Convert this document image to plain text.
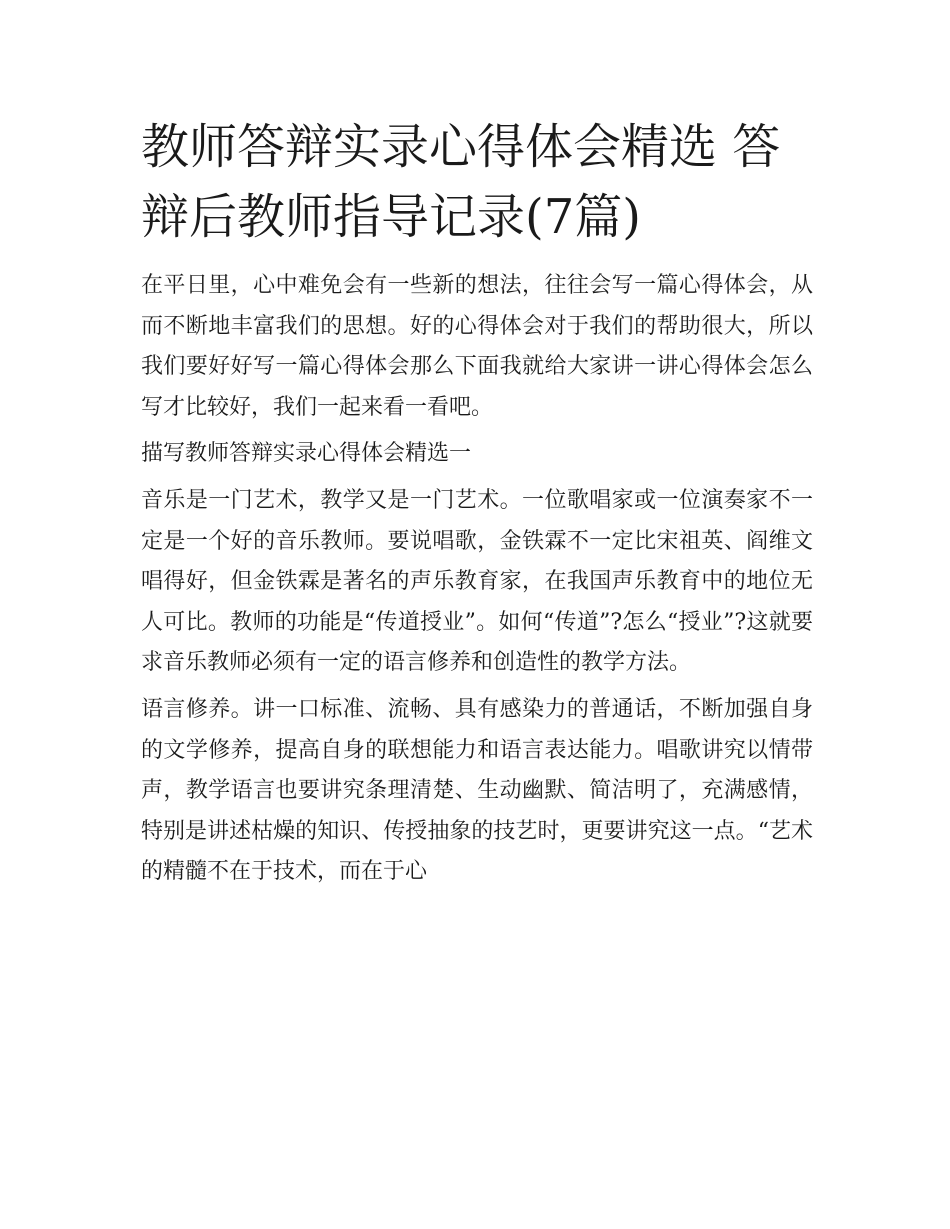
教师答辩实录心得体会精选 答辩后教师指导记录(7篇)

在平日里，心中难免会有一些新的想法，往往会写一篇心得体会，从而不断地丰富我们的思想。好的心得体会对于我们的帮助很大，所以我们要好好写一篇心得体会那么下面我就给大家讲一讲心得体会怎么写才比较好，我们一起来看一看吧。

描写教师答辩实录心得体会精选一

音乐是一门艺术，教学又是一门艺术。一位歌唱家或一位演奏家不一定是一个好的音乐教师。要说唱歌，金铁霖不一定比宋祖英、阎维文唱得好，但金铁霖是著名的声乐教育家，在我国声乐教育中的地位无人可比。教师的功能是“传道授业”。如何“传道”?怎么“授业”?这就要求音乐教师必须有一定的语言修养和创造性的教学方法。

语言修养。讲一口标准、流畅、具有感染力的普通话，不断加强自身的文学修养，提高自身的联想能力和语言表达能力。唱歌讲究以情带声，教学语言也要讲究条理清楚、生动幽默、简洁明了，充满感情，特别是讲述枯燥的知识、传授抽象的技艺时，更要讲究这一点。“艺术的精髓不在于技术，而在于心
